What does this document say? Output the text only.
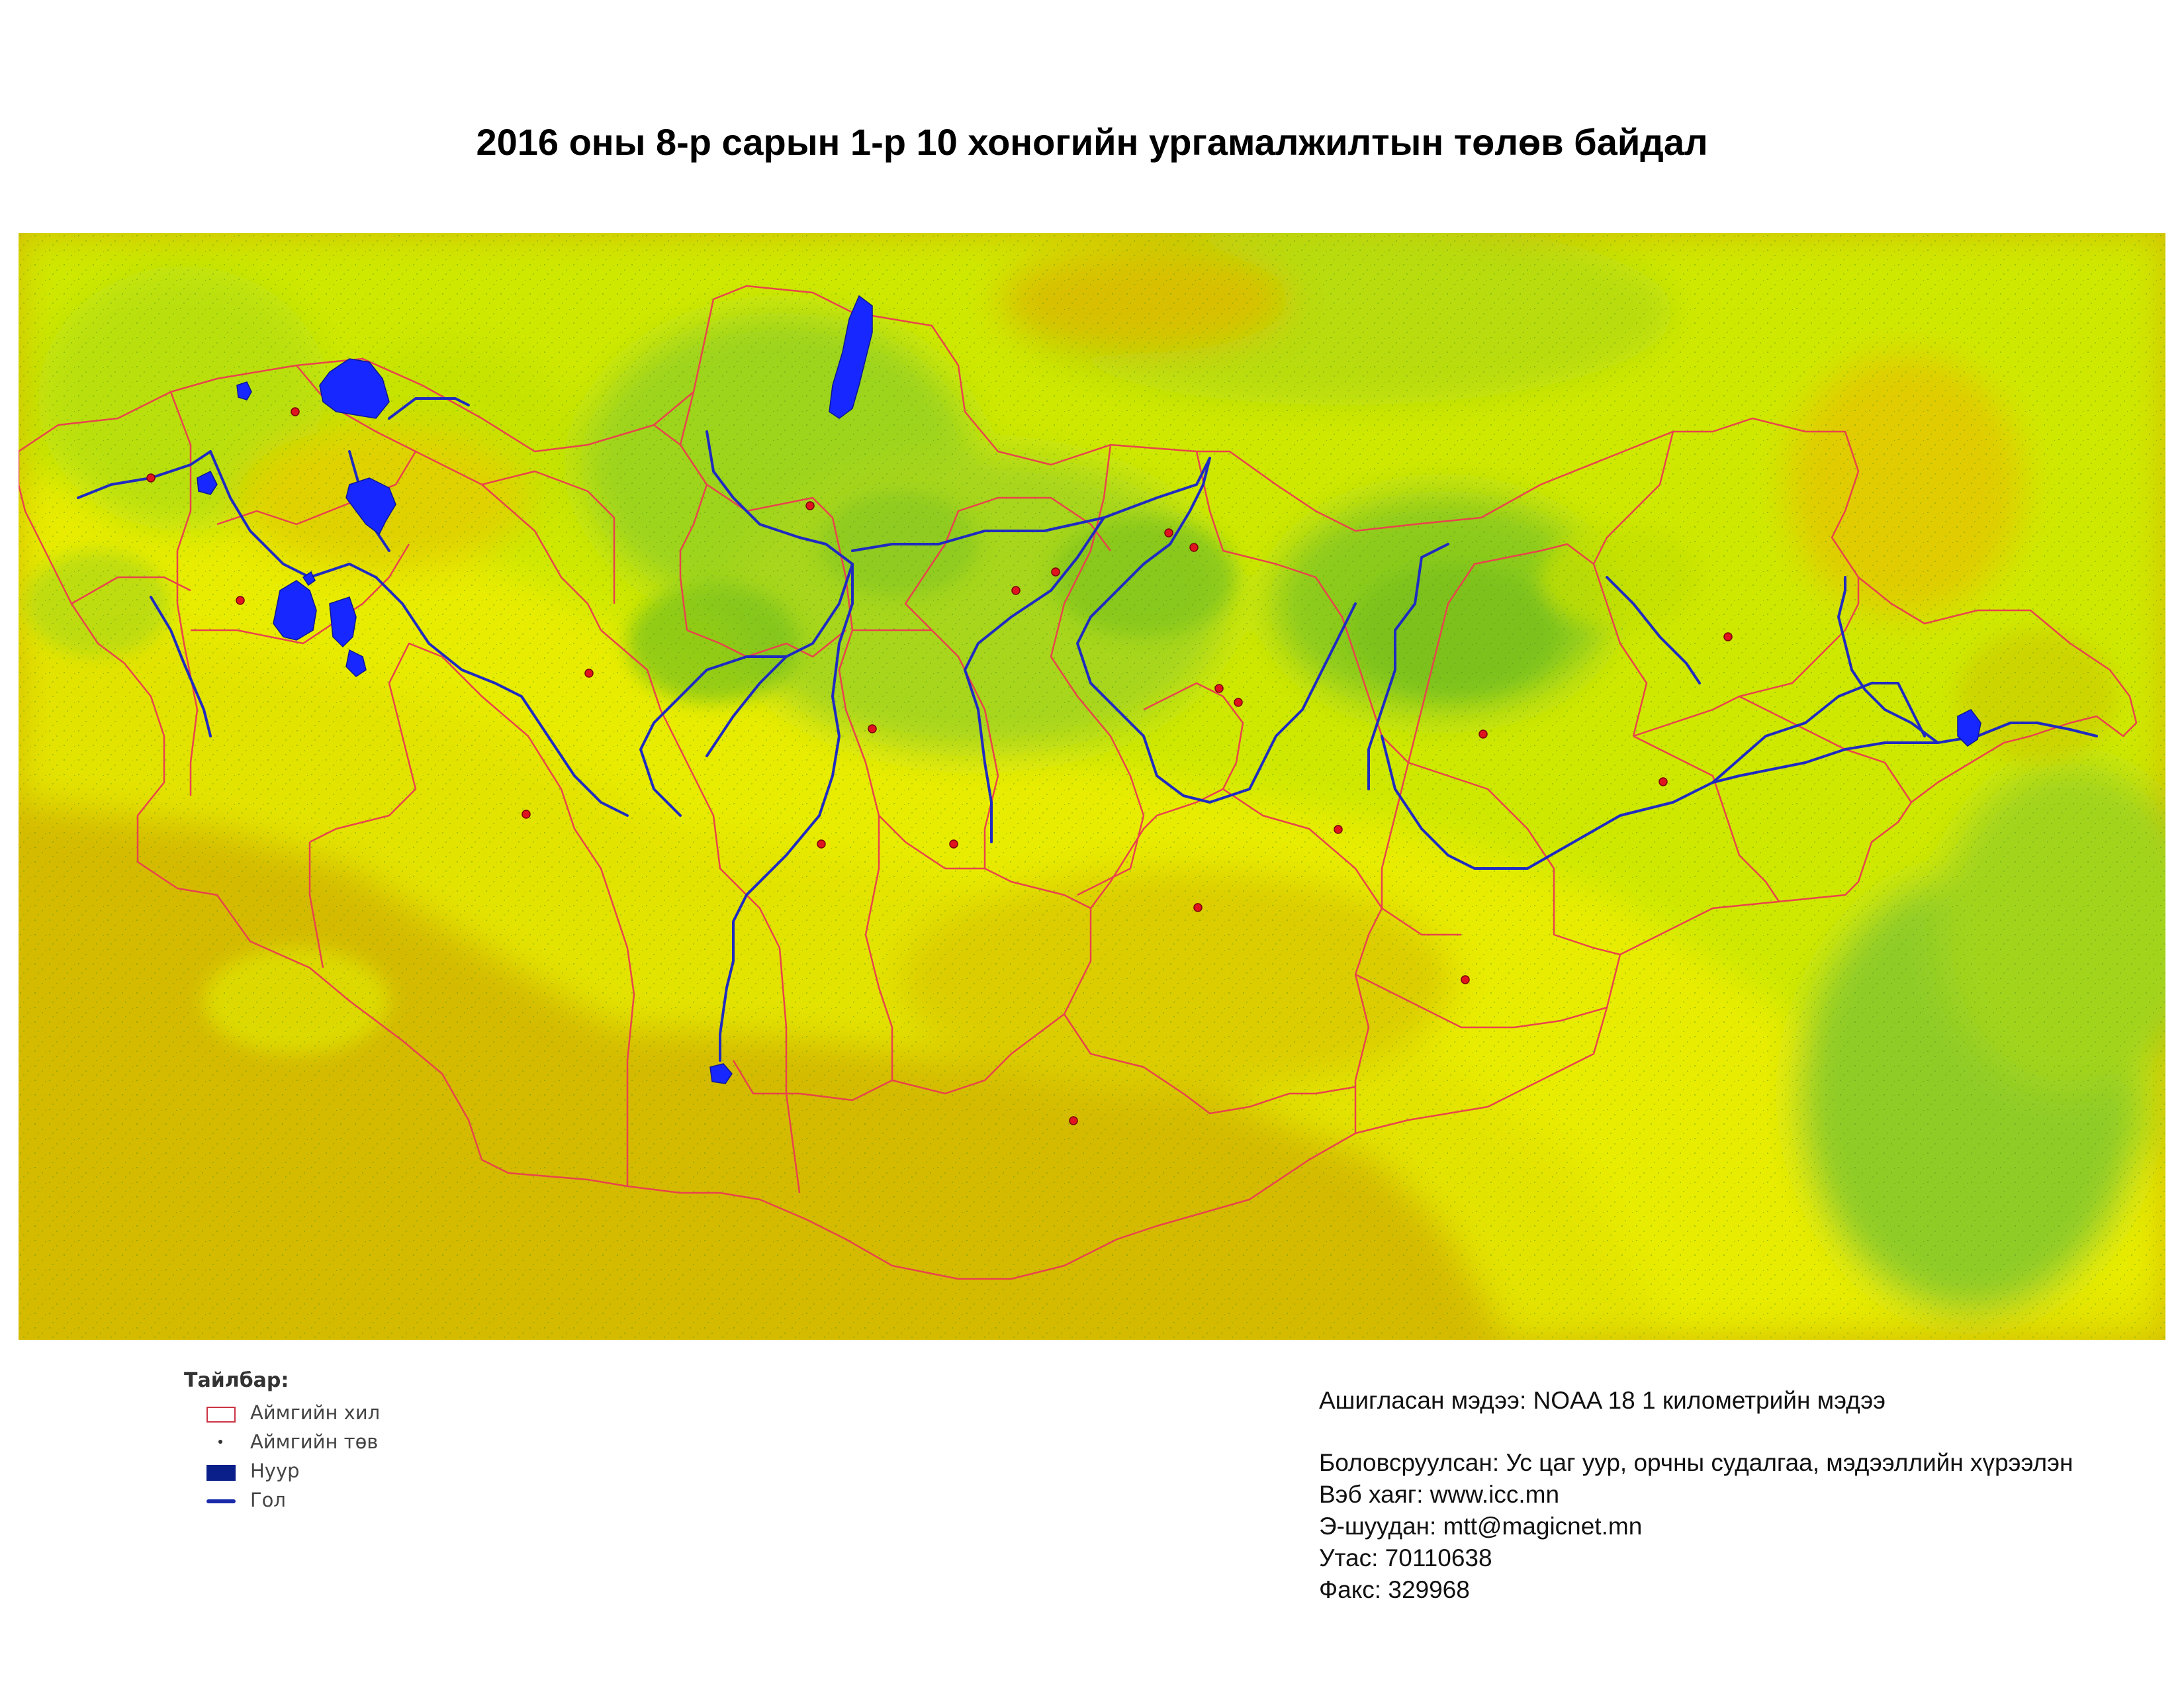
2016 оны 8-р сарын 1-р 10 хоногийн ургамалжилтын төлөв байдал
Тайлбар:
Аймгийн хил
Аймгийн төв
Нуур
Гол
Ашигласан мэдээ: NOAA 18 1 километрийн мэдээ
Боловсруулсан: Ус цаг уур, орчны судалгаа, мэдээллийн хүрээлэн
Вэб хаяг: www.icc.mn
Э-шуудан: mtt@magicnet.mn
Утас: 70110638
Факс: 329968
